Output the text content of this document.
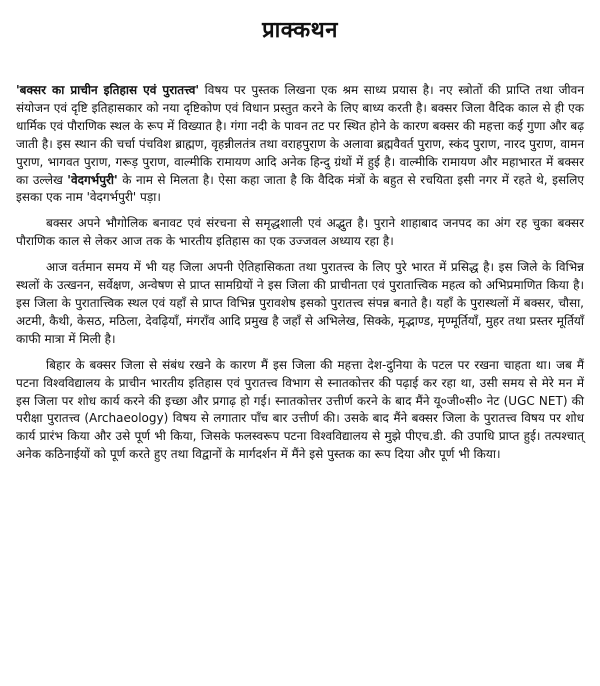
प्राक्कथन

'बक्सर का प्राचीन इतिहास एवं पुरातत्त्व' विषय पर पुस्तक लिखना एक श्रम साध्य प्रयास है। नए स्त्रोतों की प्राप्ति तथा जीवन संयोजन एवं दृष्टि इतिहासकार को नया दृष्टिकोण एवं विधान प्रस्तुत करने के लिए बाध्य करती है। बक्सर जिला वैदिक काल से ही एक धार्मिक एवं पौराणिक स्थल के रूप में विख्यात है। गंगा नदी के पावन तट पर स्थित होने के कारण बक्सर की महत्ता कई गुणा और बढ़ जाती है। इस स्थान की चर्चा पंचविश ब्राह्मण, वृहन्नीलतंत्र तथा वराहपुराण के अलावा ब्रह्मवैवर्त पुराण, स्कंद पुराण, नारद पुराण, वामन पुराण, भागवत पुराण, गरूड़ पुराण, वाल्मीकि रामायण आदि अनेक हिन्दु ग्रंथों में हुई है। वाल्मीकि रामायण और महाभारत में बक्सर का उल्लेख 'वेदगर्भपुरी' के नाम से मिलता है। ऐसा कहा जाता है कि वैदिक मंत्रों के बहुत से रचयिता इसी नगर में रहते थे, इसलिए इसका एक नाम 'वेदगर्भपुरी' पड़ा।

बक्सर अपने भौगोलिक बनावट एवं संरचना से समृद्धशाली एवं अद्भुत है। पुराने शाहाबाद जनपद का अंग रह चुका बक्सर पौराणिक काल से लेकर आज तक के भारतीय इतिहास का एक उज्जवल अध्याय रहा है।

आज वर्तमान समय में भी यह जिला अपनी ऐतिहासिकता तथा पुरातत्त्व के लिए पुरे भारत में प्रसिद्ध है। इस जिले के विभिन्न स्थलों के उत्खनन, सर्वेक्षण, अन्वेषण से प्राप्त सामग्रियों ने इस जिला की प्राचीनता एवं पुरातात्त्विक महत्व को अभिप्रमाणित किया है। इस जिला के पुरातात्त्विक स्थल एवं यहाँ से प्राप्त विभिन्न पुरावशेष इसको पुरातत्त्व संपन्न बनाते है। यहाँ के पुरास्थलों में बक्सर, चौसा, अटमी, कैथी, केसठ, मठिला, देवढ़ियाँ, मंगराँव आदि प्रमुख है जहाँ से अभिलेख, सिक्के, मृद्भाण्ड, मृण्मूर्तियाँ, मुहर तथा प्रस्तर मूर्तियाँ काफी मात्रा में मिली है।

बिहार के बक्सर जिला से संबंध रखने के कारण मैं इस जिला की महत्ता देश-दुनिया के पटल पर रखना चाहता था। जब मैं पटना विश्वविद्यालय के प्राचीन भारतीय इतिहास एवं पुरातत्त्व विभाग से स्नातकोत्तर की पढ़ाई कर रहा था, उसी समय से मेरे मन में इस जिला पर शोध कार्य करने की इच्छा और प्रगाढ़ हो गई। स्नातकोत्तर उत्तीर्ण करने के बाद मैंने यू०जी०सी० नेट (UGC NET) की परीक्षा पुरातत्त्व (Archaeology) विषय से लगातार पाँच बार उत्तीर्ण की। उसके बाद मैंने बक्सर जिला के पुरातत्त्व विषय पर शोध कार्य प्रारंभ किया और उसे पूर्ण भी किया, जिसके फलस्वरूप पटना विश्वविद्यालय से मुझे पीएच.डी. की उपाधि प्राप्त हुई। तत्पश्चात् अनेक कठिनाईयों को पूर्ण करते हुए तथा विद्वानों के मार्गदर्शन में मैंने इसे पुस्तक का रूप दिया और पूर्ण भी किया।
